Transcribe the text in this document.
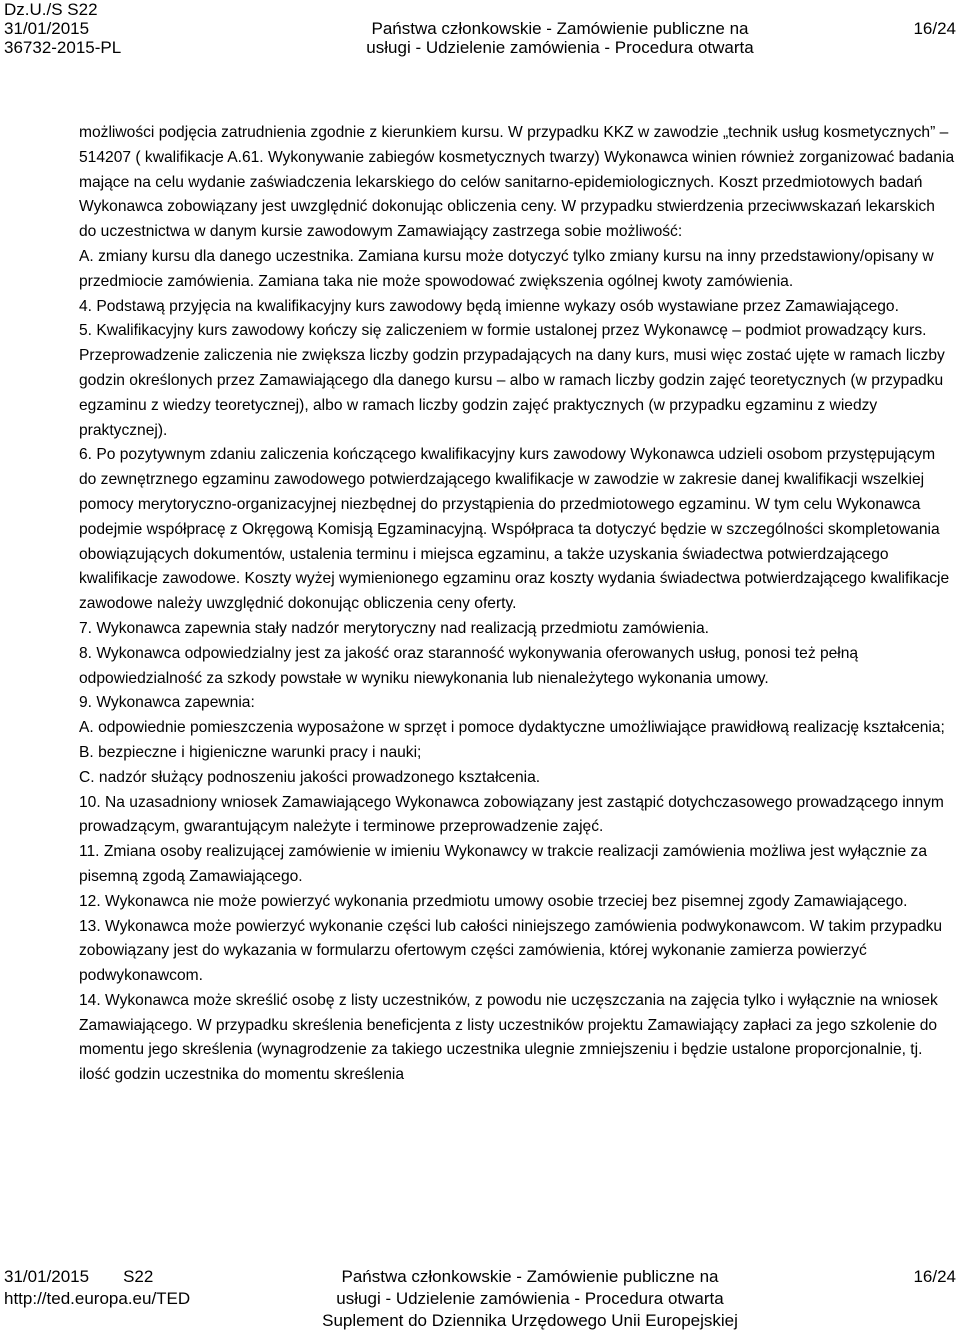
Dz.U./S S22
31/01/2015
36732-2015-PL
Państwa członkowskie - Zamówienie publiczne na
usługi - Udzielenie zamówienia - Procedura otwarta
16/24

możliwości podjęcia zatrudnienia zgodnie z kierunkiem kursu. W przypadku KKZ w zawodzie „technik usług kosmetycznych” – 514207 ( kwalifikacje A.61. Wykonywanie zabiegów kosmetycznych twarzy) Wykonawca winien również zorganizować badania mające na celu wydanie zaświadczenia lekarskiego do celów sanitarno-epidemiologicznych. Koszt przedmiotowych badań Wykonawca zobowiązany jest uwzględnić dokonując obliczenia ceny. W przypadku stwierdzenia przeciwwskazań lekarskich do uczestnictwa w danym kursie zawodowym Zamawiający zastrzega sobie możliwość:

A. zmiany kursu dla danego uczestnika. Zamiana kursu może dotyczyć tylko zmiany kursu na inny przedstawiony/opisany w przedmiocie zamówienia. Zamiana taka nie może spowodować zwiększenia ogólnej kwoty zamówienia.

4. Podstawą przyjęcia na kwalifikacyjny kurs zawodowy będą imienne wykazy osób wystawiane przez Zamawiającego.

5. Kwalifikacyjny kurs zawodowy kończy się zaliczeniem w formie ustalonej przez Wykonawcę – podmiot prowadzący kurs. Przeprowadzenie zaliczenia nie zwiększa liczby godzin przypadających na dany kurs, musi więc zostać ujęte w ramach liczby godzin określonych przez Zamawiającego dla danego kursu – albo w ramach liczby godzin zajęć teoretycznych (w przypadku egzaminu z wiedzy teoretycznej), albo w ramach liczby godzin zajęć praktycznych (w przypadku egzaminu z wiedzy praktycznej).

6. Po pozytywnym zdaniu zaliczenia kończącego kwalifikacyjny kurs zawodowy Wykonawca udzieli osobom przystępującym do zewnętrznego egzaminu zawodowego potwierdzającego kwalifikacje w zawodzie w zakresie danej kwalifikacji wszelkiej pomocy merytoryczno-organizacyjnej niezbędnej do przystąpienia do przedmiotowego egzaminu. W tym celu Wykonawca podejmie współpracę z Okręgową Komisją Egzaminacyjną. Współpraca ta dotyczyć będzie w szczególności skompletowania obowiązujących dokumentów, ustalenia terminu i miejsca egzaminu, a także uzyskania świadectwa potwierdzającego kwalifikacje zawodowe. Koszty wyżej wymienionego egzaminu oraz koszty wydania świadectwa potwierdzającego kwalifikacje zawodowe należy uwzględnić dokonując obliczenia ceny oferty.

7. Wykonawca zapewnia stały nadzór merytoryczny nad realizacją przedmiotu zamówienia.

8. Wykonawca odpowiedzialny jest za jakość oraz staranność wykonywania oferowanych usług, ponosi też pełną odpowiedzialność za szkody powstałe w wyniku niewykonania lub nienależytego wykonania umowy.

9. Wykonawca zapewnia:

A. odpowiednie pomieszczenia wyposażone w sprzęt i pomoce dydaktyczne umożliwiające prawidłową realizację kształcenia;

B. bezpieczne i higieniczne warunki pracy i nauki;

C. nadzór służący podnoszeniu jakości prowadzonego kształcenia.

10. Na uzasadniony wniosek Zamawiającego Wykonawca zobowiązany jest zastąpić dotychczasowego prowadzącego innym prowadzącym, gwarantującym należyte i terminowe przeprowadzenie zajęć.

11. Zmiana osoby realizującej zamówienie w imieniu Wykonawcy w trakcie realizacji zamówienia możliwa jest wyłącznie za pisemną zgodą Zamawiającego.

12. Wykonawca nie może powierzyć wykonania przedmiotu umowy osobie trzeciej bez pisemnej zgody Zamawiającego.

13. Wykonawca może powierzyć wykonanie części lub całości niniejszego zamówienia podwykonawcom. W takim przypadku zobowiązany jest do wykazania w formularzu ofertowym części zamówienia, której wykonanie zamierza powierzyć podwykonawcom.

14. Wykonawca może skreślić osobę z listy uczestników, z powodu nie uczęszczania na zajęcia tylko i wyłącznie na wniosek Zamawiającego. W przypadku skreślenia beneficjenta z listy uczestników projektu Zamawiający zapłaci za jego szkolenie do momentu jego skreślenia (wynagrodzenie za takiego uczestnika ulegnie zmniejszeniu i będzie ustalone proporcjonalnie, tj. ilość godzin uczestnika do momentu skreślenia

31/01/2015 S22
http://ted.europa.eu/TED
Państwa członkowskie - Zamówienie publiczne na
usługi - Udzielenie zamówienia - Procedura otwarta
Suplement do Dziennika Urzędowego Unii Europejskiej
16/24
